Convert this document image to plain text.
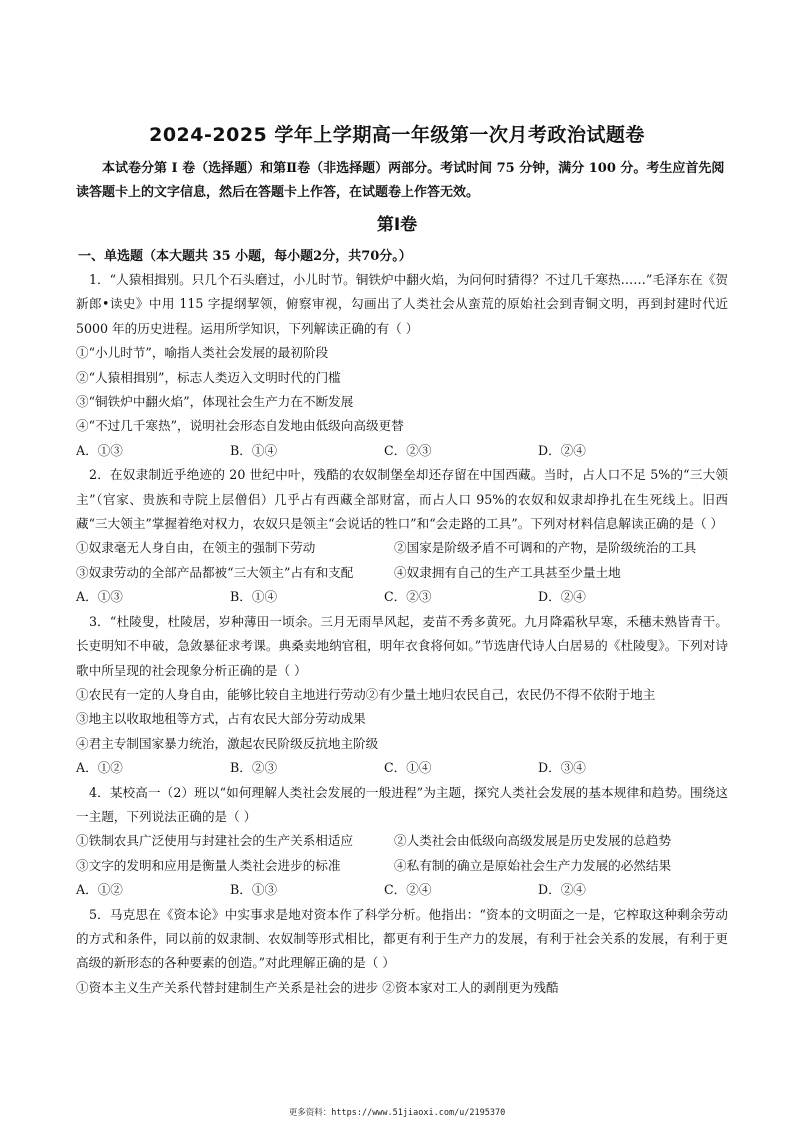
2024-2025 学年上学期高一年级第一次月考政治试题卷
本试卷分第 I 卷（选择题）和第Ⅱ卷（非选择题）两部分。考试时间 75 分钟，满分 100 分。考生应首先阅读答题卡上的文字信息，然后在答题卡上作答，在试题卷上作答无效。
第Ⅰ卷
一、单选题（本大题共 35 小题，每小题2分，共70分。）
1．“人猿相揖别。只几个石头磨过，小儿时节。铜铁炉中翻火焰，为问何时猜得？不过几千寒热……”毛泽东在《贺新郎•读史》中用 115 字提纲挈领，俯察审视，勾画出了人类社会从蛮荒的原始社会到青铜文明，再到封建时代近 5000 年的历史进程。运用所学知识，下列解读正确的有（ ）
①“小儿时节”，喻指人类社会发展的最初阶段
②“人猿相揖别”，标志人类迈入文明时代的门槛
③“铜铁炉中翻火焰”，体现社会生产力在不断发展
④“不过几千寒热”，说明社会形态自发地由低级向高级更替
A．①③	B．①④	C．②③	D．②④
2．在奴隶制近乎绝迹的 20 世纪中叶，残酷的农奴制堡垒却还存留在中国西藏。当时，占人口不足 5%的“三大领主”（官家、贵族和寺院上层僧侣）几乎占有西藏全部财富，而占人口 95%的农奴和奴隶却挣扎在生死线上。旧西藏“三大领主”掌握着绝对权力，农奴只是领主“会说话的牲口”和“会走路的工具”。下列对材料信息解读正确的是（ ）
①奴隶毫无人身自由，在领主的强制下劳动	②国家是阶级矛盾不可调和的产物，是阶级统治的工具
③奴隶劳动的全部产品都被“三大领主”占有和支配	④奴隶拥有自己的生产工具甚至少量土地
A．①③	B．①④	C．②③	D．②④
3．“杜陵叟，杜陵居，岁种薄田一顷余。三月无雨旱风起，麦苗不秀多黄死。九月降霜秋早寒，禾穗未熟皆青干。长吏明知不申破，急敛暴征求考课。典桑卖地纳官租，明年衣食将何如。”节选唐代诗人白居易的《杜陵叟》。下列对诗歌中所呈现的社会现象分析正确的是（ ）
①农民有一定的人身自由，能够比较自主地进行劳动②有少量土地归农民自己，农民仍不得不依附于地主
③地主以收取地租等方式，占有农民大部分劳动成果
④君主专制国家暴力统治，激起农民阶级反抗地主阶级
A．①②	B．②③	C．①④	D．③④
4．某校高一（2）班以“如何理解人类社会发展的一般进程”为主题，探究人类社会发展的基本规律和趋势。围绕这一主题，下列说法正确的是（ ）
①铁制农具广泛使用与封建社会的生产关系相适应	②人类社会由低级向高级发展是历史发展的总趋势
③文字的发明和应用是衡量人类社会进步的标准	④私有制的确立是原始社会生产力发展的必然结果
A．①②	B．①③	C．②④	D．②④
5．马克思在《资本论》中实事求是地对资本作了科学分析。他指出：“资本的文明面之一是，它榨取这种剩余劳动的方式和条件，同以前的奴隶制、农奴制等形式相比，都更有利于生产力的发展，有利于社会关系的发展，有利于更高级的新形态的各种要素的创造。”对此理解正确的是（ ）
①资本主义生产关系代替封建制生产关系是社会的进步 ②资本家对工人的剥削更为残酷
更多资料：https://www.51jiaoxi.com/u/2195370
